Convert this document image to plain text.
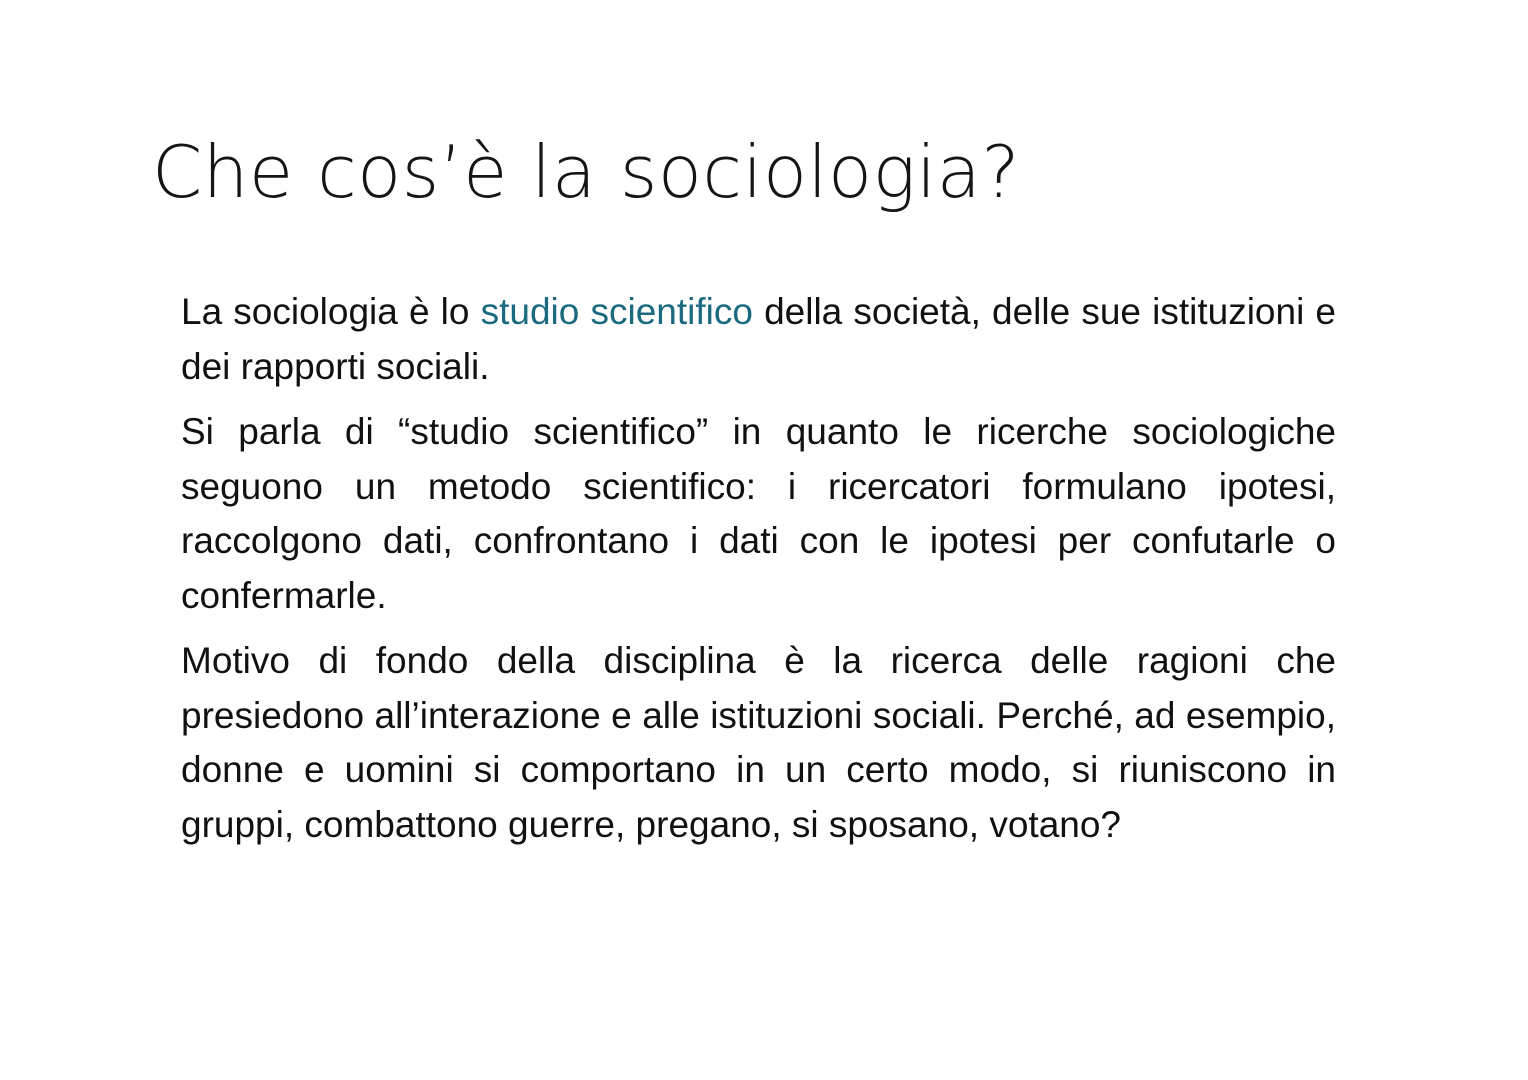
Che cos’è la sociologia?

La sociologia è lo studio scientifico della società, delle sue istituzioni e dei rapporti sociali.

Si parla di “studio scientifico” in quanto le ricerche sociologiche seguono un metodo scientifico: i ricercatori formulano ipotesi, raccolgono dati, confrontano i dati con le ipotesi per confutarle o confermarle.

Motivo di fondo della disciplina è la ricerca delle ragioni che presiedono all’interazione e alle istituzioni sociali. Perché, ad esempio, donne e uomini si comportano in un certo modo, si riuniscono in gruppi, combattono guerre, pregano, si sposano, votano?
